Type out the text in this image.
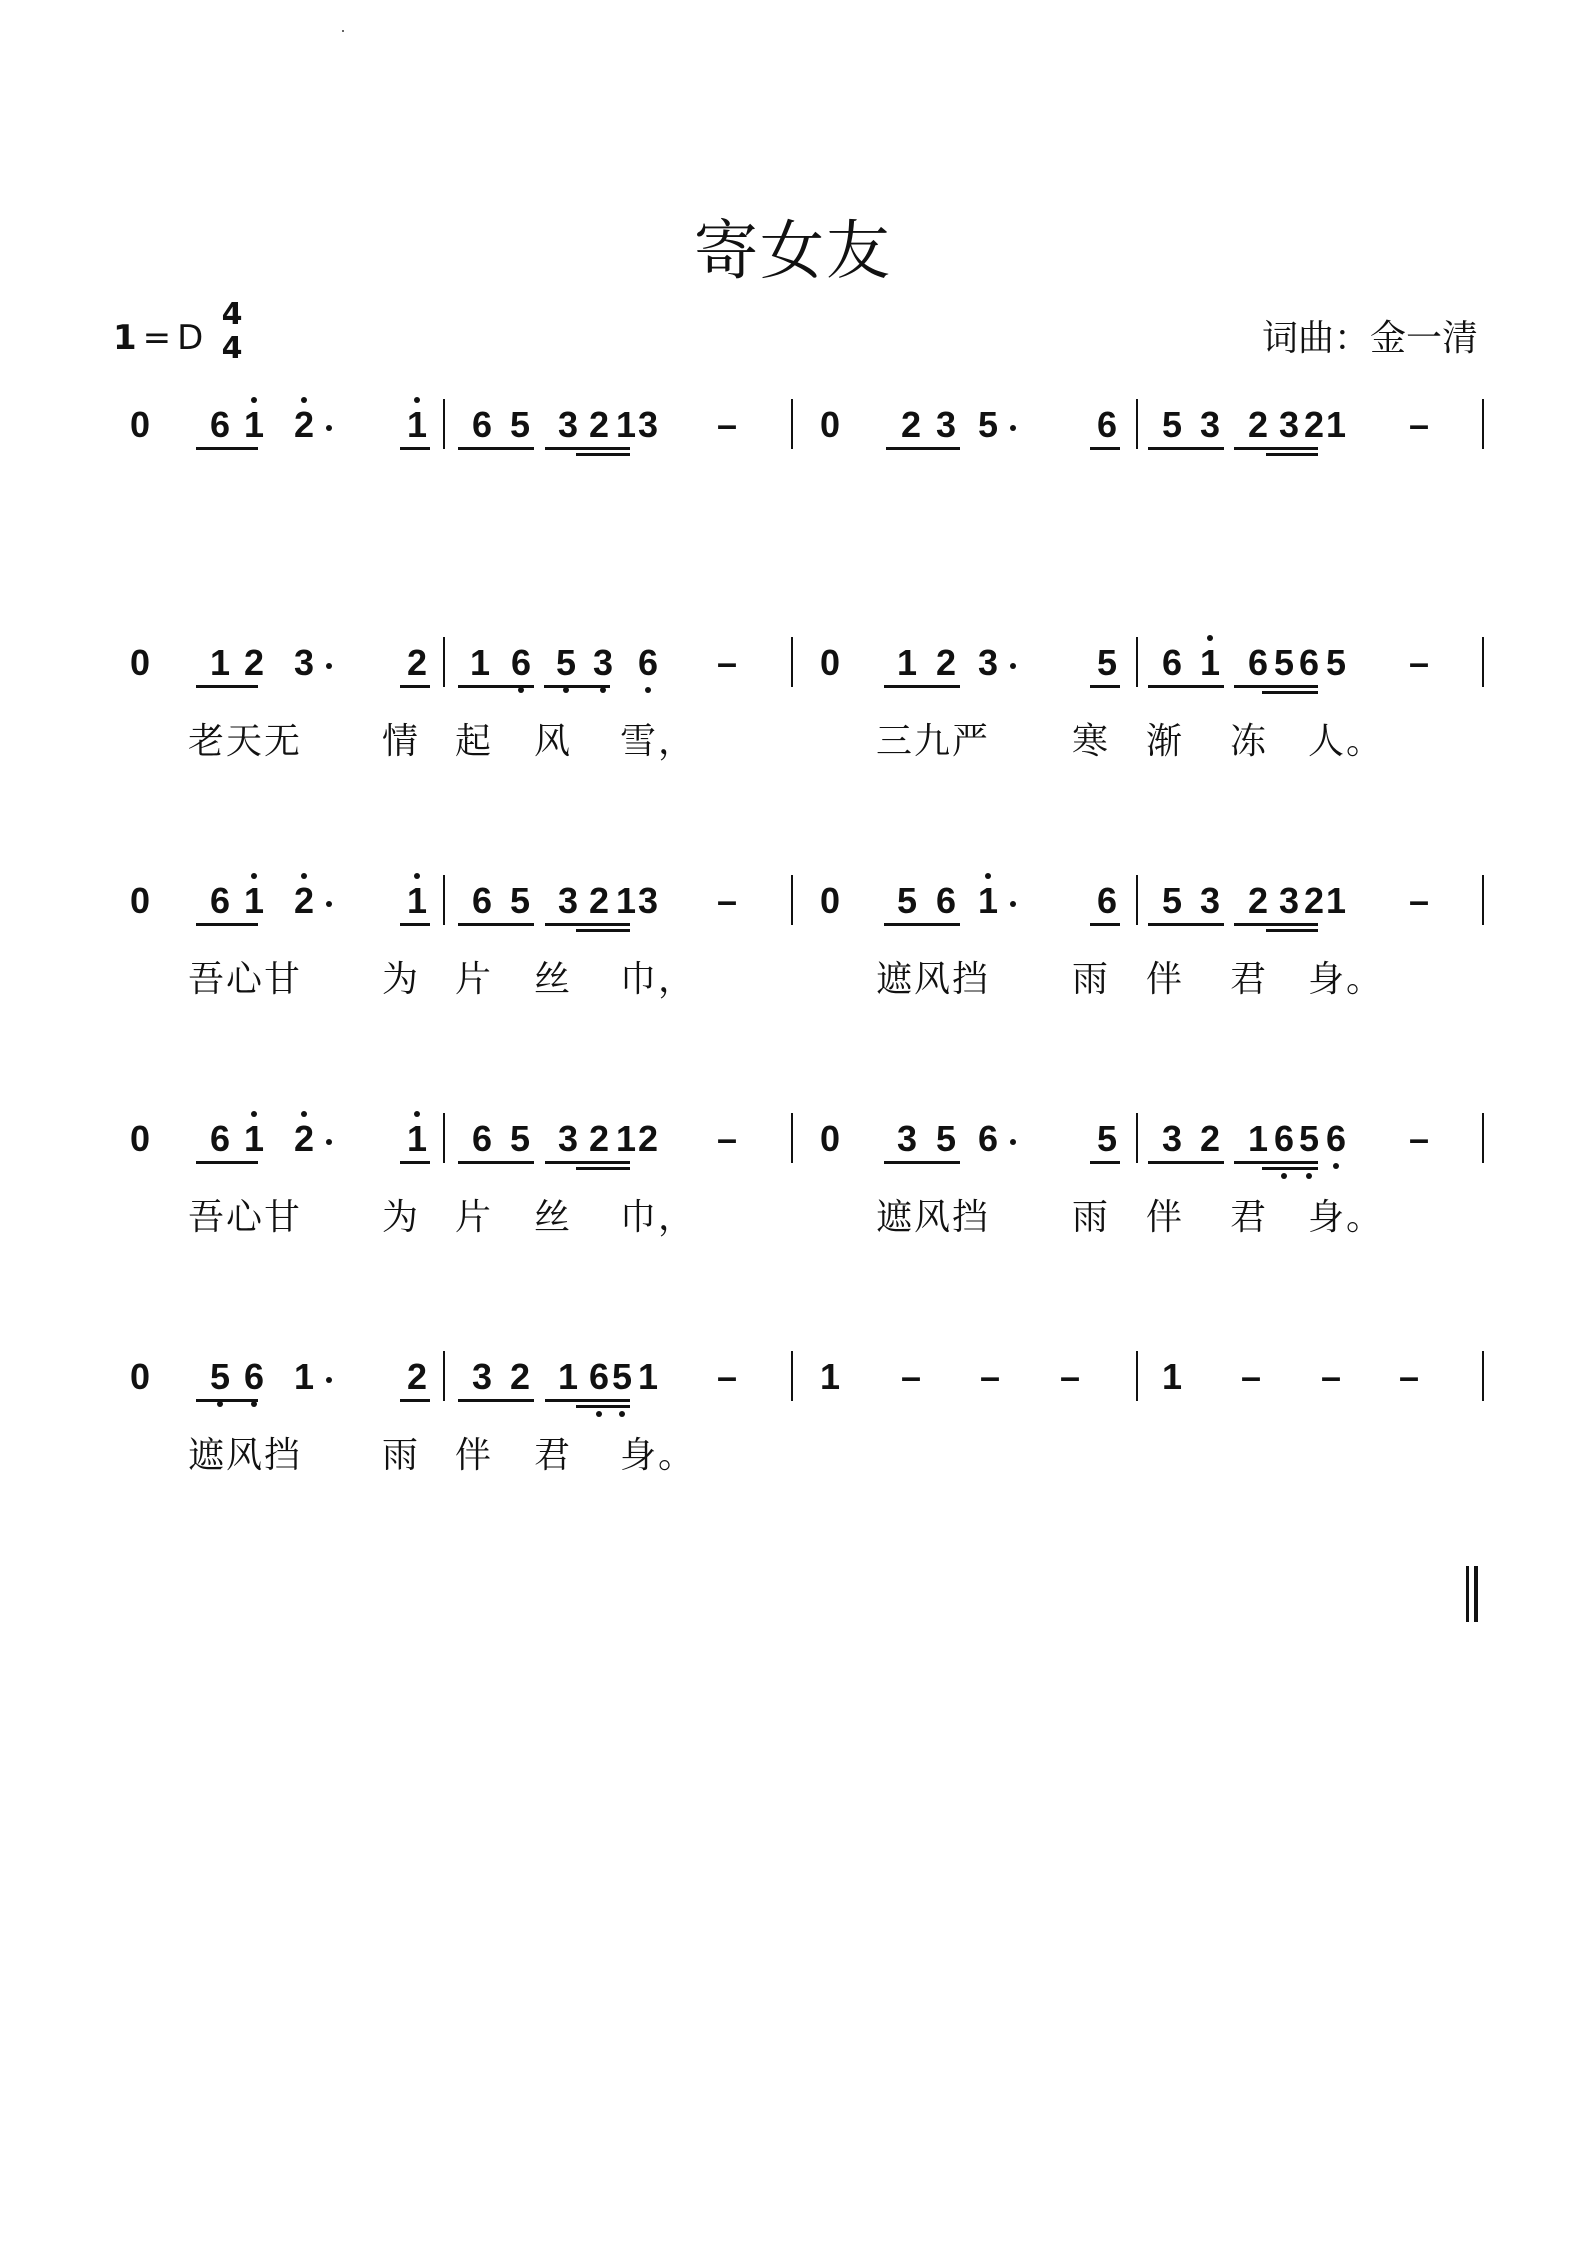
寄女友
1 = D
4
4	词曲：金一清
0 6 1 2	1 6 5 3 2 1 3 – 0 2 3 5	6 5 3 2 3 2 1 –
0 1 2 3	2 1 6 5 3 6 – 0 1 2 3	5 6 1 6 5 6 5 –
老天无 情 起 风 雪，	三九严 寒 渐 冻 人。
0 6 1 2	1 6 5 3 2 1 3 – 0 5 6 1	6 5 3 2 3 2 1 –
吾心甘 为 片 丝 巾，	遮风挡 雨 伴 君 身。
0 6 1 2	1 6 5 3 2 1 2 – 0 3 5 6	5 3 2 1 6 5 6 –
吾心甘 为 片 丝 巾，	遮风挡 雨 伴 君 身。
0 5 6 1	2 3 2 1 6 5 1 – 1 – – – 1 – – –
遮风挡 雨 伴 君 身。
